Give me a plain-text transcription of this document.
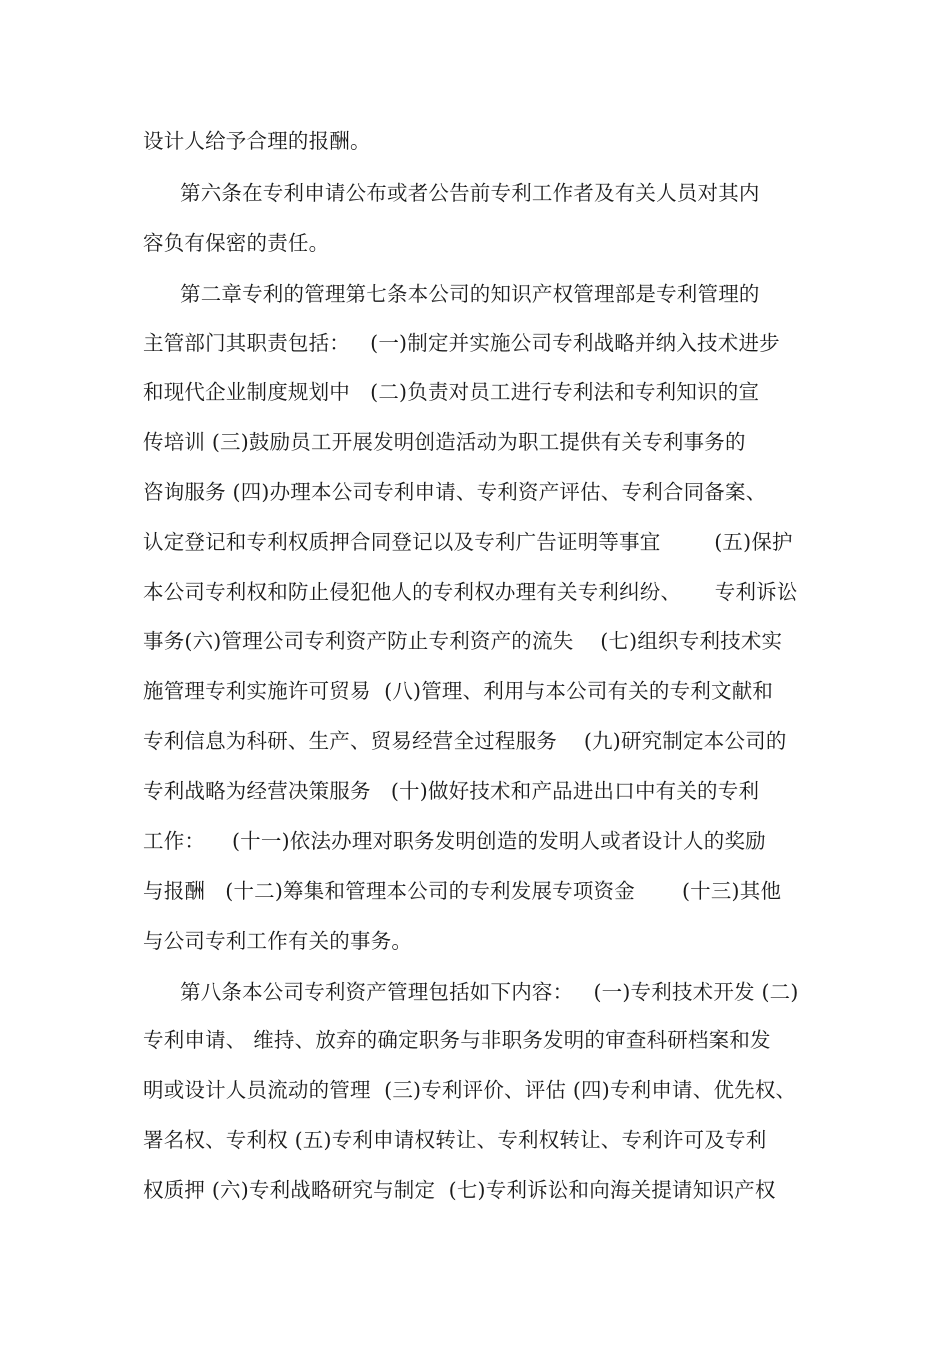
设计人给予合理的报酬。
第六条在专利申请公布或者公告前专利工作者及有关人员对其内
容负有保密的责任。
第二章专利的管理第七条本公司的知识产权管理部是专利管理的
主管部门其职责包括：   (一)制定并实施公司专利战略并纳入技术进步
和现代企业制度规划中   (二)负责对员工进行专利法和专利知识的宣
传培训 (三)鼓励员工开展发明创造活动为职工提供有关专利事务的
咨询服务 (四)办理本公司专利申请、专利资产评估、专利合同备案、
认定登记和专利权质押合同登记以及专利广告证明等事宜        (五)保护
本公司专利权和防止侵犯他人的专利权办理有关专利纠纷、     专利诉讼
事务(六)管理公司专利资产防止专利资产的流失    (七)组织专利技术实
施管理专利实施许可贸易  (八)管理、利用与本公司有关的专利文献和
专利信息为科研、生产、贸易经营全过程服务    (九)研究制定本公司的
专利战略为经营决策服务   (十)做好技术和产品进出口中有关的专利
工作：    (十一)依法办理对职务发明创造的发明人或者设计人的奖励
与报酬   (十二)筹集和管理本公司的专利发展专项资金       (十三)其他
与公司专利工作有关的事务。
第八条本公司专利资产管理包括如下内容：   (一)专利技术开发 (二)
专利申请、 维持、放弃的确定职务与非职务发明的审查科研档案和发
明或设计人员流动的管理  (三)专利评价、评估 (四)专利申请、优先权、
署名权、专利权 (五)专利申请权转让、专利权转让、专利许可及专利
权质押 (六)专利战略研究与制定  (七)专利诉讼和向海关提请知识产权
